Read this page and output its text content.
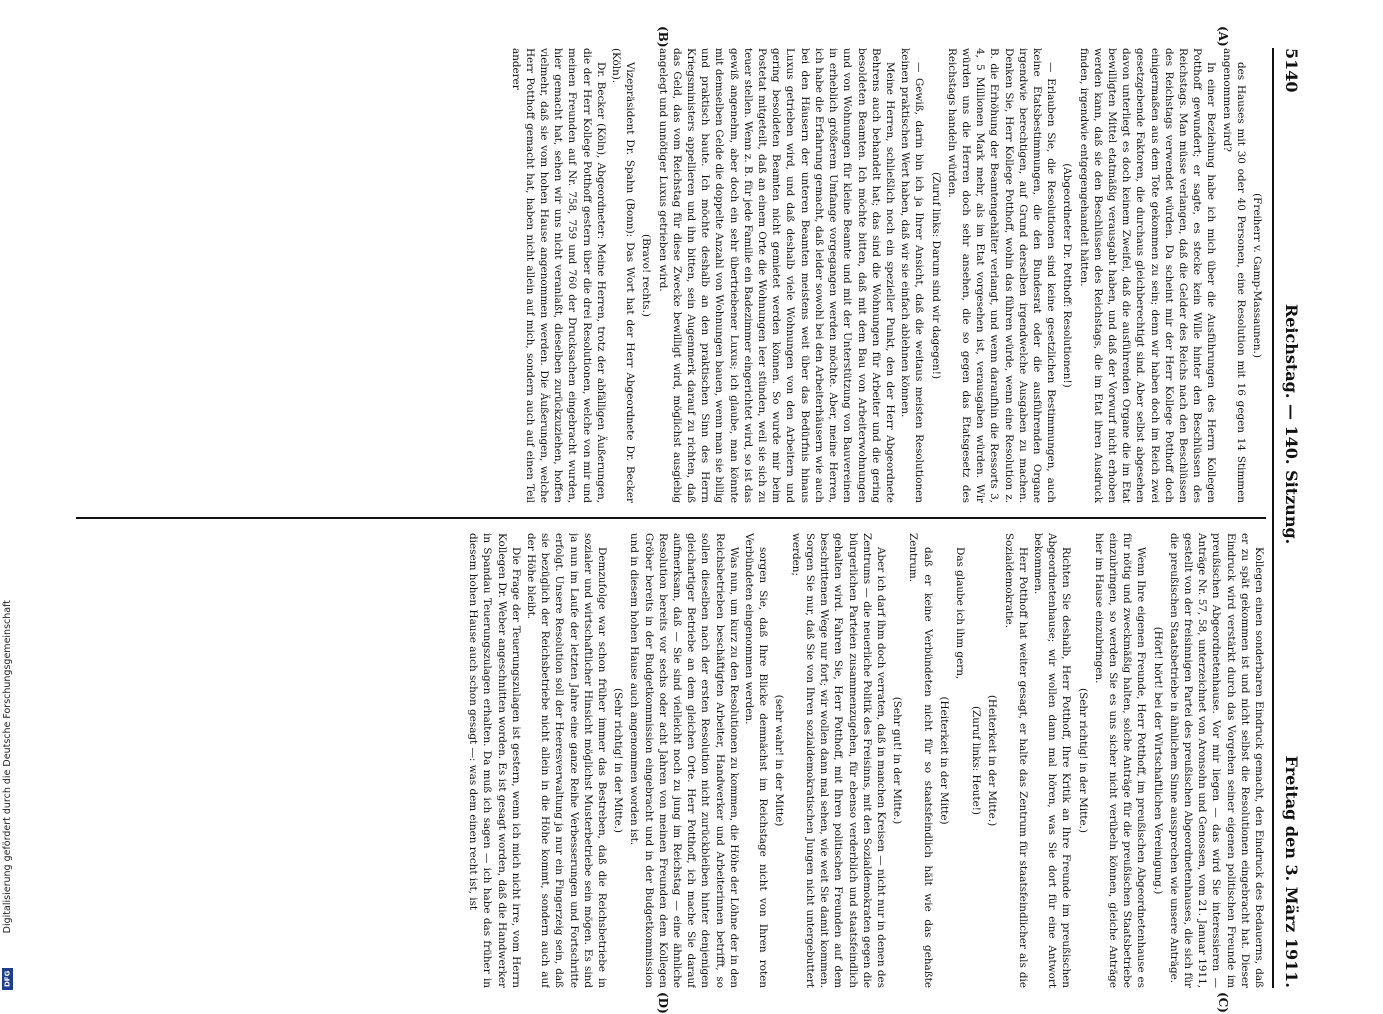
Digitalisierung gefördert durch die Deutsche Forschungsgemeinschaft
DFG
5140
Reichstag. — 140. Sitzung.
Freitag den 3. März 1911.

(Freiherr v. Gamp-Massaunen.)

des Hauses mit 30 oder 40 Personen, eine Resolution mit 16 gegen 14 Stimmen angenommen wird?

In einer Beziehung habe ich mich über die Ausführungen des Herrn Kollegen Potthoff gewundert; er sagte, es stecke kein Wille hinter den Beschlüssen des Reichstags. Man müsse verlangen, daß die Gelder des Reichs nach den Beschlüssen des Reichstags verwendet würden. Da scheint mir der Herr Kollege Potthoff doch einigermaßen aus dem Tote gekommen zu sein; denn wir haben doch im Reich zwei gesetzgebende Faktoren, die durchaus gleichberechtigt sind. Aber selbst abgesehen davon unterliegt es doch keinem Zweifel, daß die ausführenden Organe die im Etat bewilligten Mittel etatmäßig verausgabt haben, und daß der Vorwurf nicht erhoben werden kann, daß sie den Beschlüssen des Reichstags, die im Etat ihren Ausdruck finden, irgendwie entgegengehandelt hätten.

(Abgeordneter Dr. Potthoff: Resolutionen!)

— Erlauben Sie, die Resolutionen sind keine gesetzlichen Bestimmungen, auch keine Etatsbestimmungen, die den Bundesrat oder die ausführenden Organe irgendwie berechtigen, auf Grund derselben irgendwelche Ausgaben zu machen. Denken Sie, Herr Kollege Potthoff, wohin das führen würde, wenn eine Resolution z. B. die Erhöhung der Beamtengehälter verlangt, und wenn daraufhin die Ressorts 3, 4, 5 Millionen Mark mehr, als im Etat vorgesehen ist, verausgaben würden. Wir würden uns die Herren doch sehr ansehen, die so gegen das Etatsgesetz des Reichstags handeln würden.

(Zuruf links: Darum sind wir dagegen!)

— Gewiß, darin bin ich ja Ihrer Ansicht, daß die weitaus meisten Resolutionen keinen praktischen Wert haben, daß wir sie einfach ablehnen können.

Meine Herren, schließlich noch ein spezieller Punkt, den der Herr Abgeordnete Behrens auch behandelt hat; das sind die Wohnungen für Arbeiter und die gering besoldeten Beamten. Ich möchte bitten, daß mit dem Bau von Arbeiterwohnungen und von Wohnungen für kleine Beamte und mit der Unterstützung von Bauvereinen in erheblich größerem Umfange vorgegangen werden möchte. Aber, meine Herren, ich habe die Erfahrung gemacht, daß leider sowohl bei den Arbeiterhäusern wie auch bei den Häusern der unteren Beamten meistens weit über das Bedürfnis hinaus Luxus getrieben wird, und daß deshalb viele Wohnungen von den Arbeitern und gering besoldeten Beamten nicht gemietet werden können. So wurde mir beim Postetat mitgeteilt, daß an einem Orte die Wohnungen leer stünden, weil sie sich zu teuer stellen. Wenn z. B. für jede Familie ein Badezimmer eingerichtet wird, so ist das gewiß angenehm, aber doch ein sehr übertriebener Luxus; ich glaube, man könnte mit demselben Gelde die doppelte Anzahl von Wohnungen bauen, wenn man sie billig und praktisch baute. Ich möchte deshalb an den praktischen Sinn des Herrn Kriegsministers appellieren und ihn bitten, sein Augenmerk darauf zu richten, daß das Geld, das vom Reichstag für diese Zwecke bewilligt wird, möglichst ausgiebig angelegt und unnötiger Luxus getrieben wird.

(Bravo! rechts.)

Vizepräsident Dr. Spahn (Bonn): Das Wort hat der Herr Abgeordnete Dr. Becker (Köln).

Dr. Becker (Köln), Abgeordneter: Meine Herren, trotz der abfälligen Äußerungen, die der Herr Kollege Potthoff gestern über die drei Resolutionen, welche von mir und meinen Freunden auf Nr. 758, 759 und 760 der Drucksachen eingebracht wurden, hier gemacht hat, sehen wir uns nicht veranlaßt, dieselben zurückzuziehen, hoffen vielmehr, daß sie vom hohen Hause angenommen werden. Die Äußerungen, welche Herr Potthoff gemacht hat, haben nicht allein auf mich, sondern auch auf einen Teil anderer

Kollegen einen sonderbaren Eindruck gemacht, den Eindruck des Bedauerns, daß er zu spät gekommen ist und nicht selbst die Resolutionen eingebracht hat. Dieser Eindruck wird verstärkt durch das Vorgehen seiner eigenen politischen Freunde im preußischen Abgeordnetenhause. Vor mir liegen — das wird Sie interessieren — Anträge Nr. 57, 58, unterzeichnet von Aronsohn und Genossen, vom 21. Januar 1911, gestellt von der freisinnigen Partei des preußischen Abgeordnetenhauses, die sich für die preußischen Staatsbetriebe in ähnlichem Sinne aussprechen wie unsere Anträge.

(Hört! hört! bei der Wirtschaftlichen Vereinigung.)

Wenn Ihre eigenen Freunde, Herr Potthoff, im preußischen Abgeordnetenhause es für nötig und zweckmäßig halten, solche Anträge für die preußischen Staatsbetriebe einzubringen, so werden Sie es uns sicher nicht verübeln können, gleiche Anträge hier im Hause einzubringen.

(Sehr richtig! in der Mitte.)

Richten Sie deshalb, Herr Potthoff, Ihre Kritik an Ihre Freunde im preußischen Abgeordnetenhause; wir wollen dann mal hören, was Sie dort für eine Antwort bekommen.

Herr Potthoff hat weiter gesagt, er halte das Zentrum für staatsfeindlicher als die Sozialdemokratie.

(Heiterkeit in der Mitte.)

(Zuruf links: Heute!)

Das glaube ich ihm gern,

(Heiterkeit in der Mitte)

daß er keine Verbündeten nicht für so staatsfeindlich hält wie das gehaßte Zentrum.

(Sehr gut! in der Mitte.)

Aber ich darf ihm doch verraten, daß in manchen Kreisen — nicht nur in denen des Zentrums — die neuerliche Politik des Freisinns, mit den Sozialdemokraten gegen die bürgerlichen Parteien zusammenzugehen, für ebenso verderblich und staatsfeindlich gehalten wird. Fahren Sie, Herr Potthoff, mit Ihren politischen Freunden auf dem beschrittenen Wege nur fort; wir wollen dann mal sehen, wie weit Sie damit kommen. Sorgen Sie nur, daß Sie von Ihren sozialdemokratischen Jungen nicht untergebuttert werden;

(sehr wahr! in der Mitte)

sorgen Sie, daß Ihre Blicke demnächst im Reichstage nicht von Ihren roten Verbündeten eingenommen werden.

Was nun, um kurz zu den Resolutionen zu kommen, die Höhe der Löhne der in den Reichsbetrieben beschäftigten Arbeiter, Handwerker und Arbeiterinnen betrifft, so sollen dieselben nach der ersten Resolution nicht zurückbleiben hinter denjenigen gleichartiger Betriebe an dem gleichen Orte. Herr Potthoff, ich mache Sie darauf aufmerksam, daß — Sie sind vielleicht noch zu jung im Reichstag — eine ähnliche Resolution bereits vor sechs oder acht Jahren von meinen Freunden dem Kollegen Gröber bereits in der Budgetkommission eingebracht und in der Budgetkommission und in diesem hohen Hause auch angenommen worden ist.

(Sehr richtig! in der Mitte.)

Demzufolge war schon früher immer das Bestreben, daß die Reichsbetriebe in sozialer und wirtschaftlicher Hinsicht möglichst Musterbetriebe sein mögen. Es sind ja nun im Laufe der letzten Jahre eine ganze Reihe Verbesserungen und Fortschritte erfolgt. Unsere Resolution soll der Heeresverwaltung ja nur ein Fingerzeig sein, daß sie bezüglich der Reichsbetriebe nicht allein in die Höhe kommt, sondern auch auf der Höhe bleibt.

Die Frage der Teuerungszulagen ist gestern, wenn ich mich nicht irre, vom Herrn Kollegen Dr. Weber angeschnitten worden. Es ist gesagt worden, daß die Handwerker in Spandau Teuerungszulagen erhalten. Da muß ich sagen — ich habe das früher in diesem hohen Hause auch schon gesagt —: was dem einen recht ist, ist

(A)
(B)
(C)
(D)
